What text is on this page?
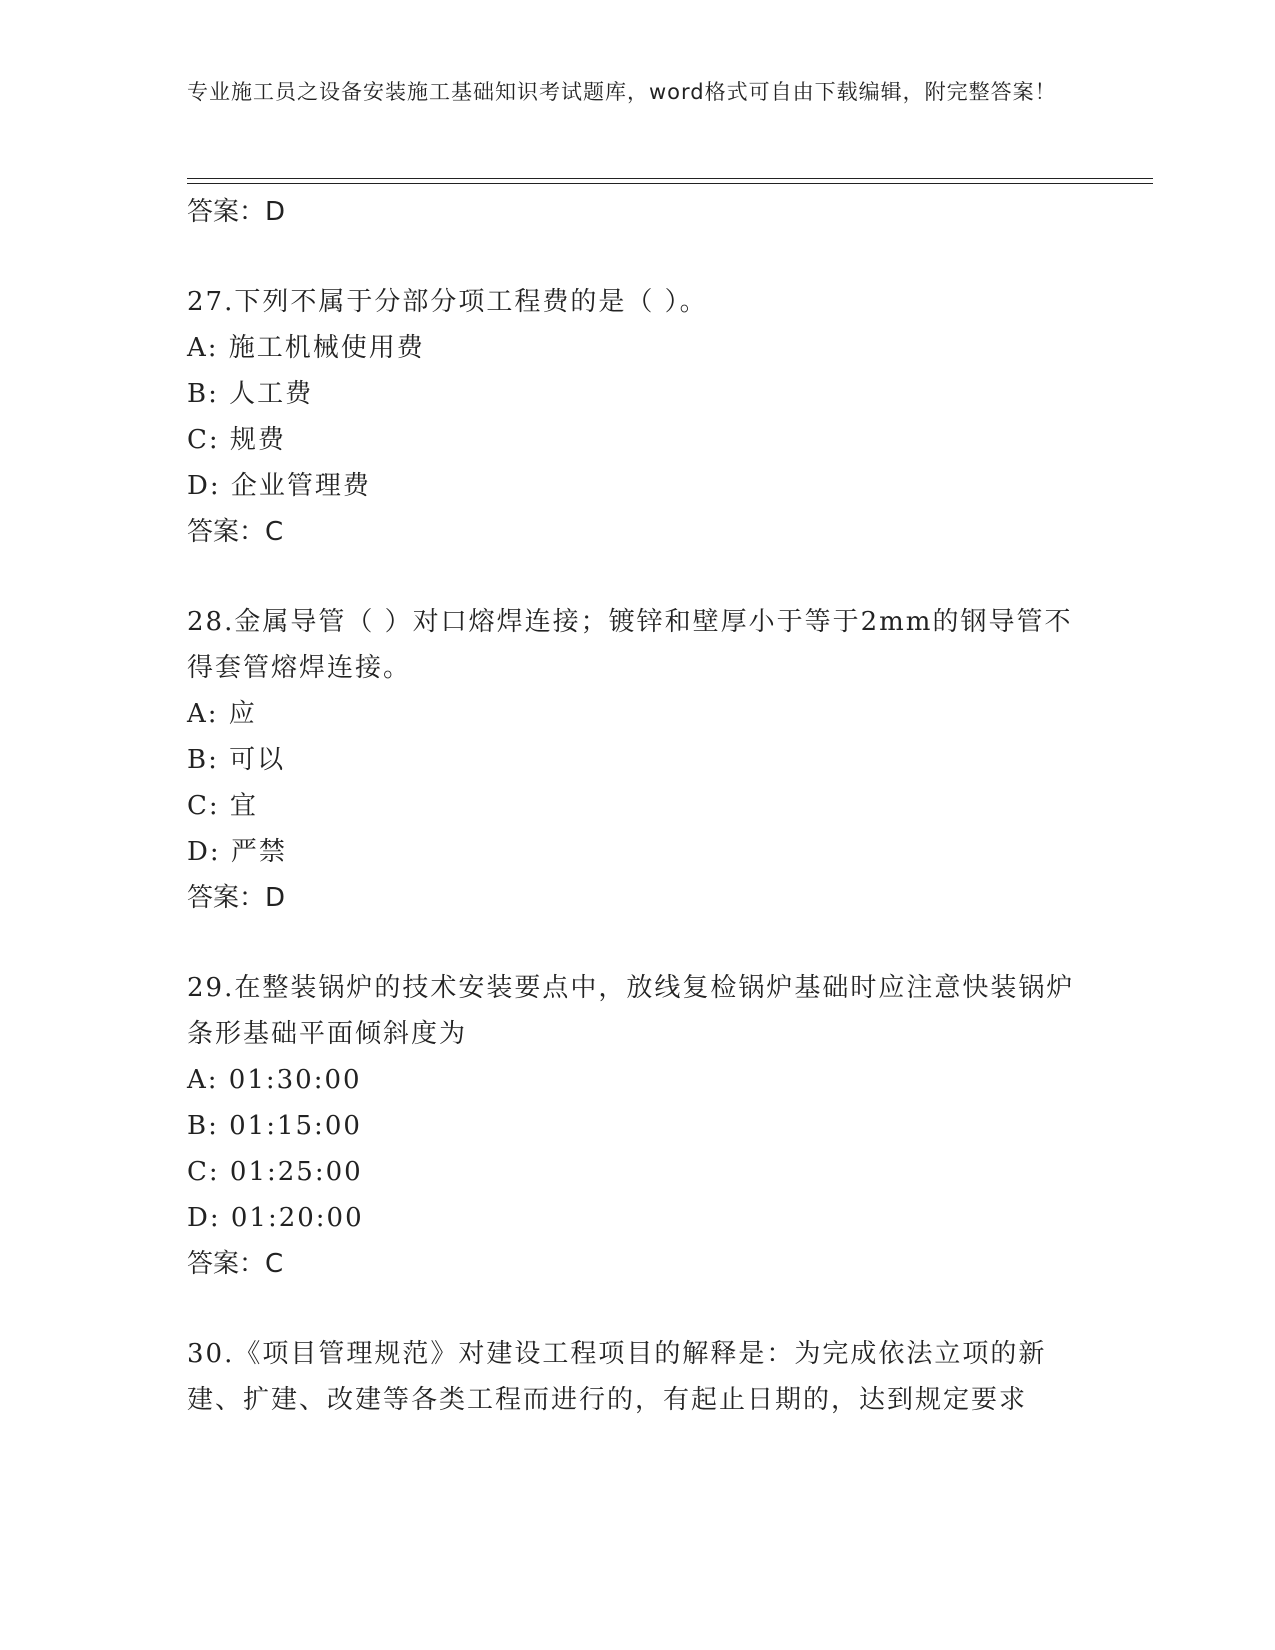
专业施工员之设备安装施工基础知识考试题库，word格式可自由下载编辑，附完整答案！
答案：D
27.下列不属于分部分项工程费的是（ ）。
A: 施工机械使用费
B: 人工费
C: 规费
D: 企业管理费
答案：C
28.金属导管（ ）对口熔焊连接；镀锌和壁厚小于等于2mm的钢导管不得套管熔焊连接。
A: 应
B: 可以
C: 宜
D: 严禁
答案：D
29.在整装锅炉的技术安装要点中，放线复检锅炉基础时应注意快装锅炉条形基础平面倾斜度为
A: 01:30:00
B: 01:15:00
C: 01:25:00
D: 01:20:00
答案：C
30.《项目管理规范》对建设工程项目的解释是：为完成依法立项的新建、扩建、改建等各类工程而进行的，有起止日期的，达到规定要求
